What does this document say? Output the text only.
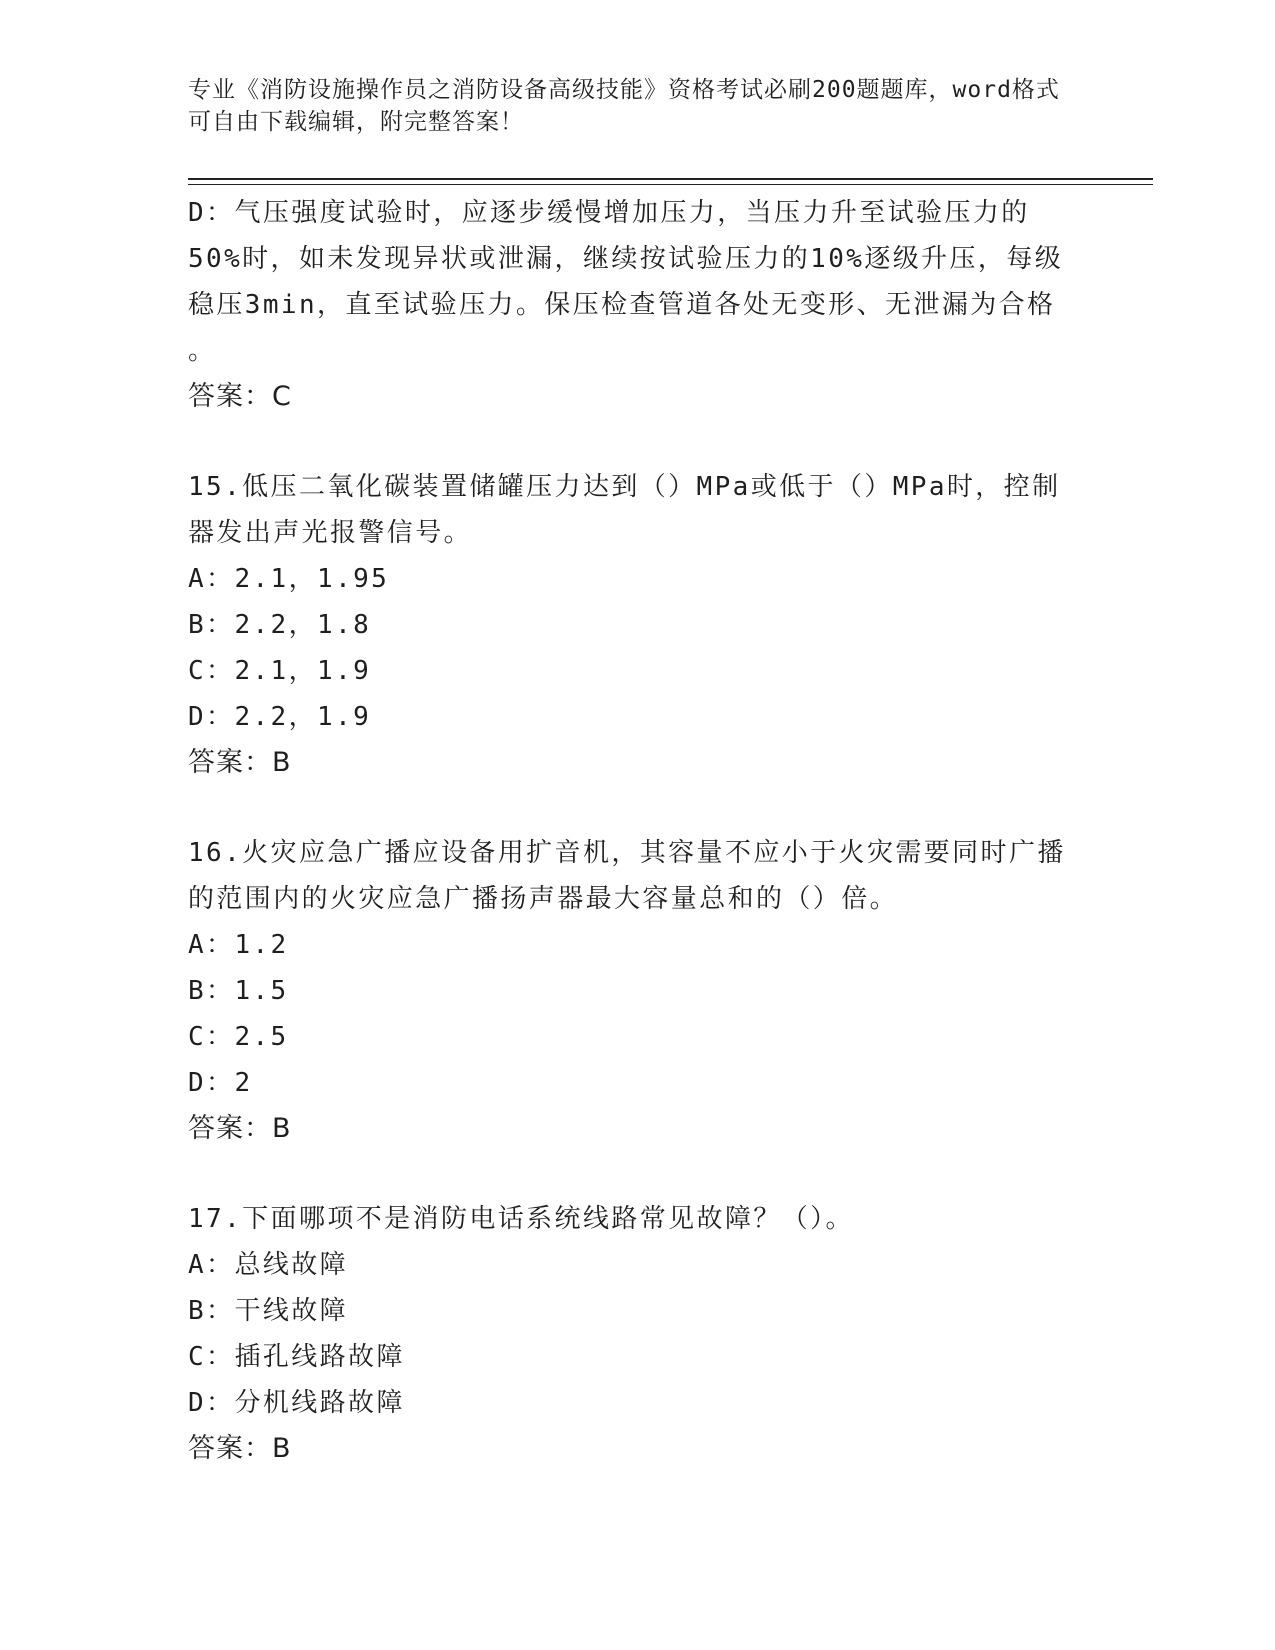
专业《消防设施操作员之消防设备高级技能》资格考试必刷200题题库，word格式可自由下载编辑，附完整答案！
D：气压强度试验时，应逐步缓慢增加压力，当压力升至试验压力的
50%时，如未发现异状或泄漏，继续按试验压力的10%逐级升压，每级
稳压3min，直至试验压力。保压检查管道各处无变形、无泄漏为合格
。
答案：C
15.低压二氧化碳装置储罐压力达到（）MPa或低于（）MPa时，控制
器发出声光报警信号。
A：2.1，1.95
B：2.2，1.8
C：2.1，1.9
D：2.2，1.9
答案：B
16.火灾应急广播应设备用扩音机，其容量不应小于火灾需要同时广播
的范围内的火灾应急广播扬声器最大容量总和的（）倍。
A：1.2
B：1.5
C：2.5
D：2
答案：B
17.下面哪项不是消防电话系统线路常见故障？（）。
A：总线故障
B：干线故障
C：插孔线路故障
D：分机线路故障
答案：B
